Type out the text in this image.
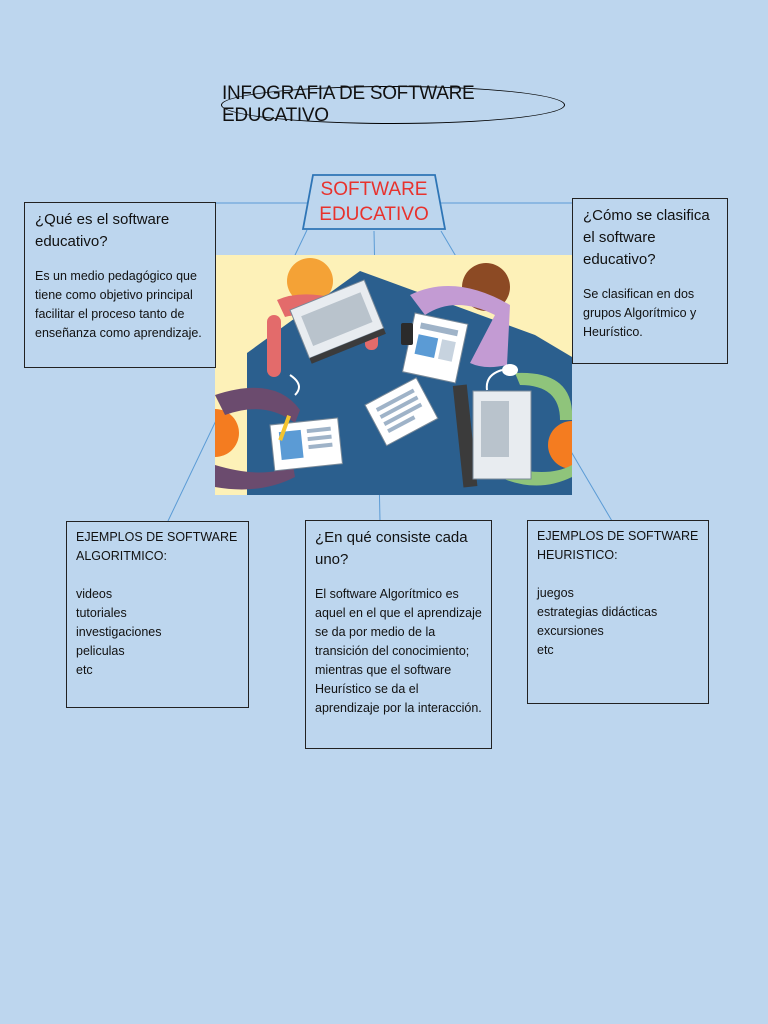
INFOGRAFIA DE SOFTWARE EDUCATIVO
SOFTWARE
EDUCATIVO

¿Qué es el software educativo?

Es un medio pedagógico que tiene como objetivo principal facilitar el proceso tanto de enseñanza como aprendizaje.

¿Cómo se clasifica el software educativo?

Se clasifican en dos grupos Algorítmico y Heurístico.

EJEMPLOS DE SOFTWARE ALGORITMICO:

videos
tutoriales
investigaciones
peliculas
etc

¿En qué consiste cada uno?

El software Algorítmico es aquel en el que el aprendizaje se da por medio de la transición del conocimiento; mientras que el software Heurístico se da el aprendizaje por la interacción.

EJEMPLOS DE SOFTWARE HEURISTICO:

juegos
estrategias didácticas
excursiones
etc
